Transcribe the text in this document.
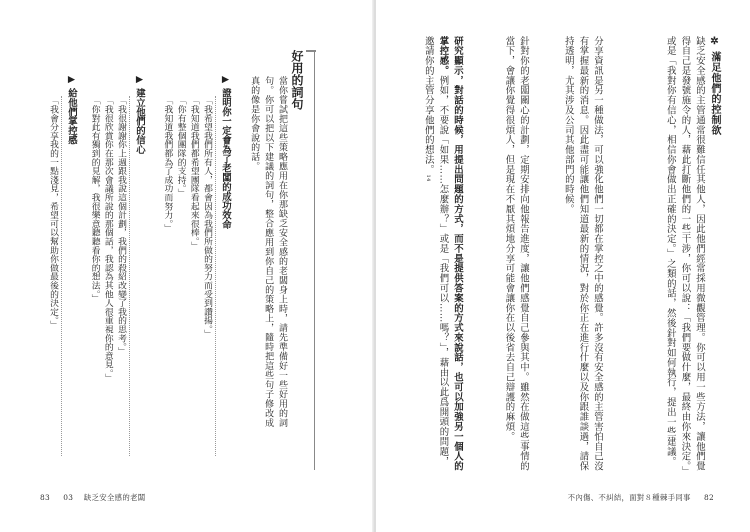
好用的詞句
當你嘗試把這些策略應用在你那缺乏安全感的老闆身上時，請先準備好一些好用的詞句。你可以把以下建議的詞句，整合應用到你自己的策略上，隨時把這些句子修改成真的像是你會說的話。
▶ 證明你一定會為了老闆的成功效命
「我希望我們所有人，都會因為我們所做的努力而受到讚揚。」
「我知道我們都希望團隊看起來很棒。」
「你有整個團隊的支持。」
「我知道我們都為了成功而努力。」
▶ 建立他們的信心
「我很謝謝你上週跟我說這個計劃，我們的殺紹改變了我的思考。」
「我很欣賞你在那次會議所說的那個話，我認為其他人很重視你的意見。」
「你對此有獨到的見解，我很樂意聽聽看你的想法。」
▶ 給他們掌控感
「我會分享我的一點淺見，希望可以幫助你做最後的決定。」
83 03 缺乏安全感的老闆
✲ 滿足他們的控制欲
缺乏安全感的主管通常很難信任其他人，因此他們經常採用微觀管理。你可以用一些方法，讓他們覺得自己是發號施令的人，藉此打斷他們的一些干涉，你可以說：「我們要做什麼，最終由你來決定。」或是「我對你有信心，相信你會做出正確的決定。」之類的話，然後針對如何執行，提出一些建議。
分享資訊是另一種做法，可以強化他們一切都在掌控之中的感覺。許多沒有安全感的主管害怕自己沒有掌握最新的消息。因此盡可能讓他們知道最新的情況，對於你正在進行什麼以及你跟誰談過，請保持透明，尤其涉及公司其他部門的時候。
針對你的老闆關心的計劃，定期安排向他報告進度，讓他們感覺自己參與其中。雖然在做這些事情的當下，會讓你覺得很煩人，但是現在不厭其煩地分享可能會讓你在以後省去自己辯護的麻煩。
研究顯示，對話的時候，用提出問題的方式，而不是提供答案的方式來說話，也可以加強另一個人的掌控感。例如，不要說「如果……怎麼辦？」或是「我們可以……嗎？」，藉由以此爲開頭的問題，邀請你的主管分享他們的想法。14
不內傷、不糾結，面對８種棘手同事 82
